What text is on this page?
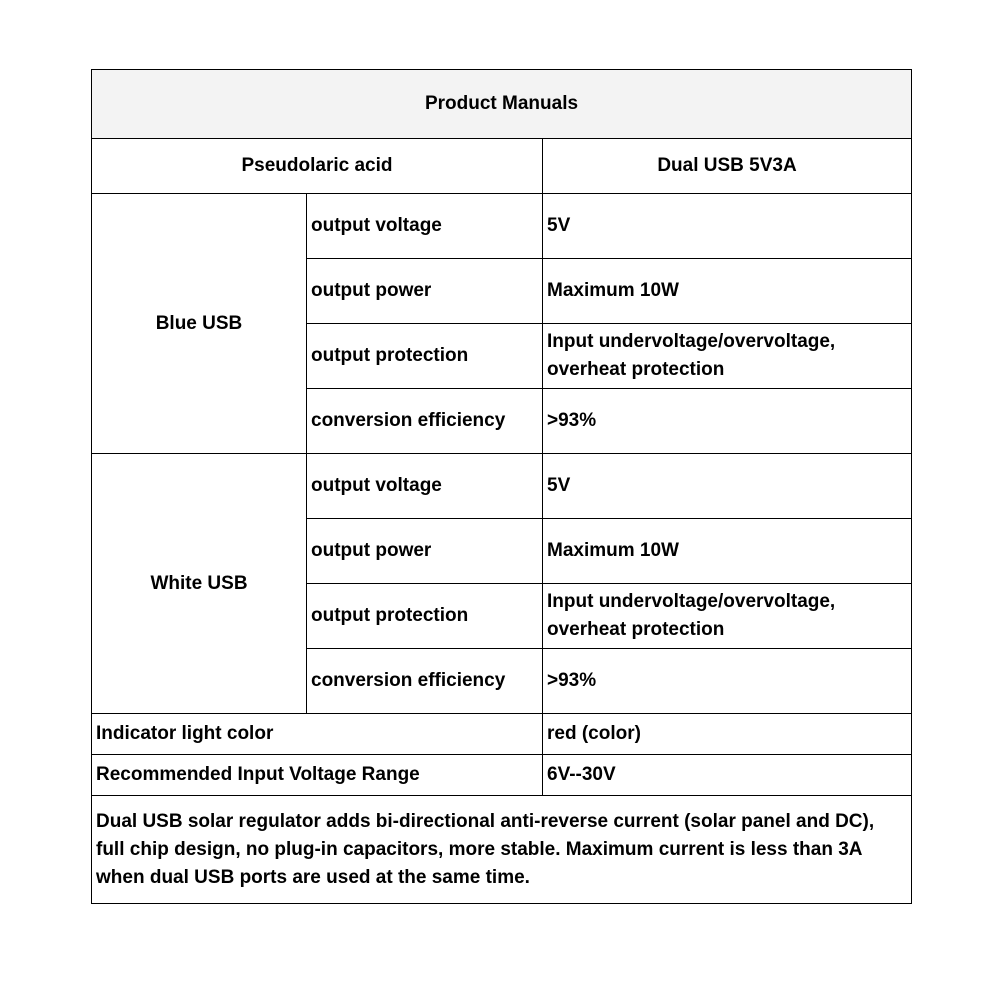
Product Manuals		
Pseudolaric acid		Dual USB 5V3A
Blue USB	output voltage	5V
	output power	Maximum 10W
	output protection	Input undervoltage/overvoltage, overheat protection
	conversion efficiency	>93%
White USB	output voltage	5V
	output power	Maximum 10W
	output protection	Input undervoltage/overvoltage, overheat protection
	conversion efficiency	>93%
Indicator light color		red (color)
Recommended Input Voltage Range		6V--30V
Dual USB solar regulator adds bi-directional anti-reverse current (solar panel and DC), full chip design, no plug-in capacitors, more stable. Maximum current is less than 3A when dual USB ports are used at the same time.		
